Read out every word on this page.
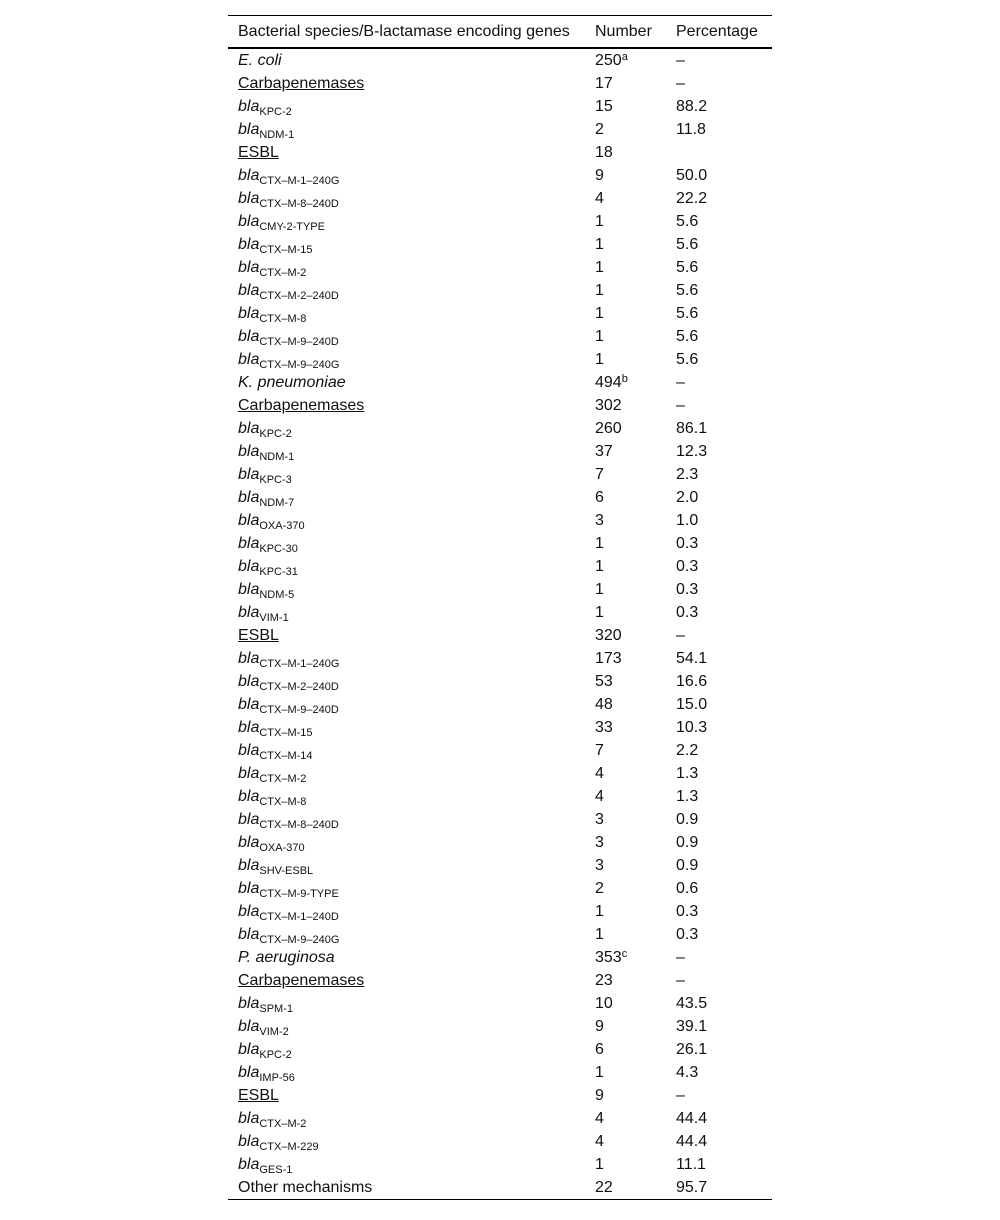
Bacterial species/B-lactamase encoding genes	Number	Percentage
E. coli	250$^a$	–
Carbapenemases	17	–
bla$_{KPC-2}$	15	88.2
bla$_{NDM-1}$	2	11.8
ESBL	18	
bla$_{CTX-M-1-240G}$	9	50.0
bla$_{CTX-M-8-240D}$	4	22.2
bla$_{CMY-2-TYPE}$	1	5.6
bla$_{CTX-M-15}$	1	5.6
bla$_{CTX-M-2}$	1	5.6
bla$_{CTX-M-2-240D}$	1	5.6
bla$_{CTX-M-8}$	1	5.6
bla$_{CTX-M-9-240D}$	1	5.6
bla$_{CTX-M-9-240G}$	1	5.6
K. pneumoniae	494$^b$	–
Carbapenemases	302	–
bla$_{KPC-2}$	260	86.1
bla$_{NDM-1}$	37	12.3
bla$_{KPC-3}$	7	2.3
bla$_{NDM-7}$	6	2.0
bla$_{OXA-370}$	3	1.0
bla$_{KPC-30}$	1	0.3
bla$_{KPC-31}$	1	0.3
bla$_{NDM-5}$	1	0.3
bla$_{VIM-1}$	1	0.3
ESBL	320	–
bla$_{CTX-M-1-240G}$	173	54.1
bla$_{CTX-M-2-240D}$	53	16.6
bla$_{CTX-M-9-240D}$	48	15.0
bla$_{CTX-M-15}$	33	10.3
bla$_{CTX-M-14}$	7	2.2
bla$_{CTX-M-2}$	4	1.3
bla$_{CTX-M-8}$	4	1.3
bla$_{CTX-M-8-240D}$	3	0.9
bla$_{OXA-370}$	3	0.9
bla$_{SHV-ESBL}$	3	0.9
bla$_{CTX-M-9-TYPE}$	2	0.6
bla$_{CTX-M-1-240D}$	1	0.3
bla$_{CTX-M-9-240G}$	1	0.3
P. aeruginosa	353$^c$	–
Carbapenemases	23	–
bla$_{SPM-1}$	10	43.5
bla$_{VIM-2}$	9	39.1
bla$_{KPC-2}$	6	26.1
bla$_{IMP-56}$	1	4.3
ESBL	9	–
bla$_{CTX-M-2}$	4	44.4
bla$_{CTX-M-229}$	4	44.4
bla$_{GES-1}$	1	11.1
Other mechanisms	22	95.7
